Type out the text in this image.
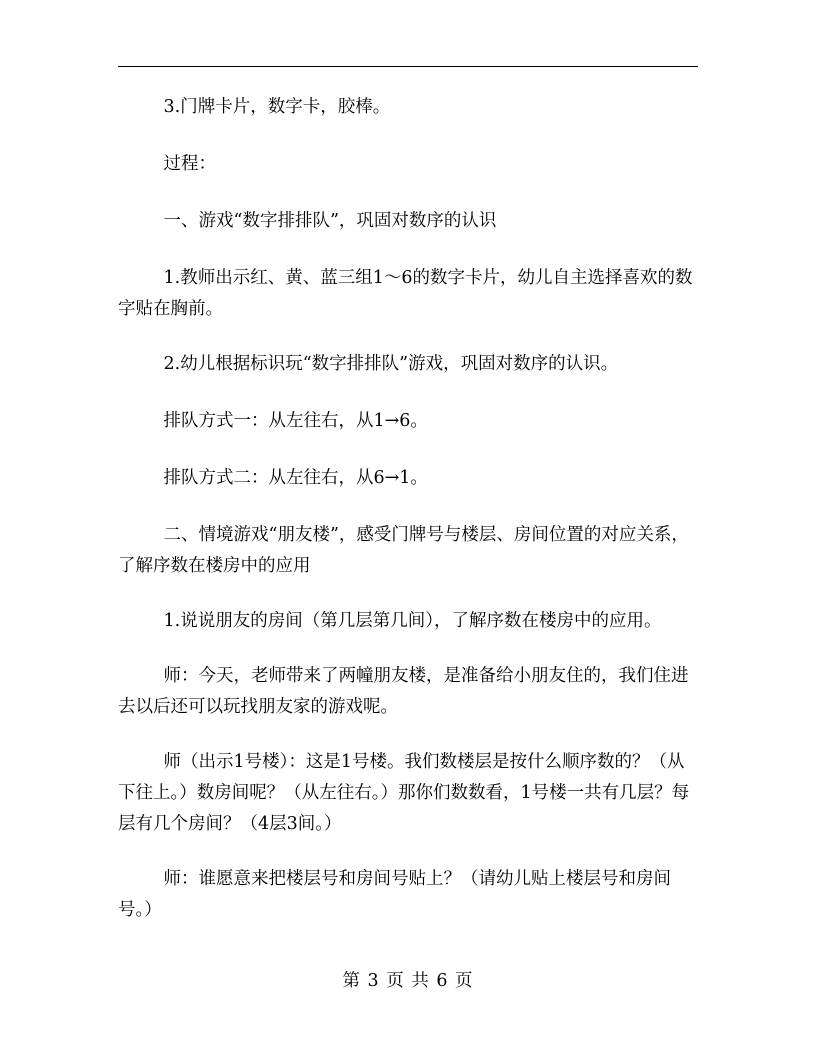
3.门牌卡片，数字卡，胶棒。

过程：

一、游戏“数字排排队”，巩固对数序的认识

1.教师出示红、黄、蓝三组1～6的数字卡片，幼儿自主选择喜欢的数字贴在胸前。

2.幼儿根据标识玩“数字排排队”游戏，巩固对数序的认识。

排队方式一：从左往右，从1→6。

排队方式二：从左往右，从6→1。

二、情境游戏“朋友楼”，感受门牌号与楼层、房间位置的对应关系，了解序数在楼房中的应用

1.说说朋友的房间（第几层第几间），了解序数在楼房中的应用。

师：今天，老师带来了两幢朋友楼，是准备给小朋友住的，我们住进去以后还可以玩找朋友家的游戏呢。

师（出示1号楼）：这是1号楼。我们数楼层是按什么顺序数的？（从下往上。）数房间呢？（从左往右。）那你们数数看，1号楼一共有几层？每层有几个房间？（4层3间。）

师：谁愿意来把楼层号和房间号贴上？（请幼儿贴上楼层号和房间号。）

第 3 页 共 6 页
